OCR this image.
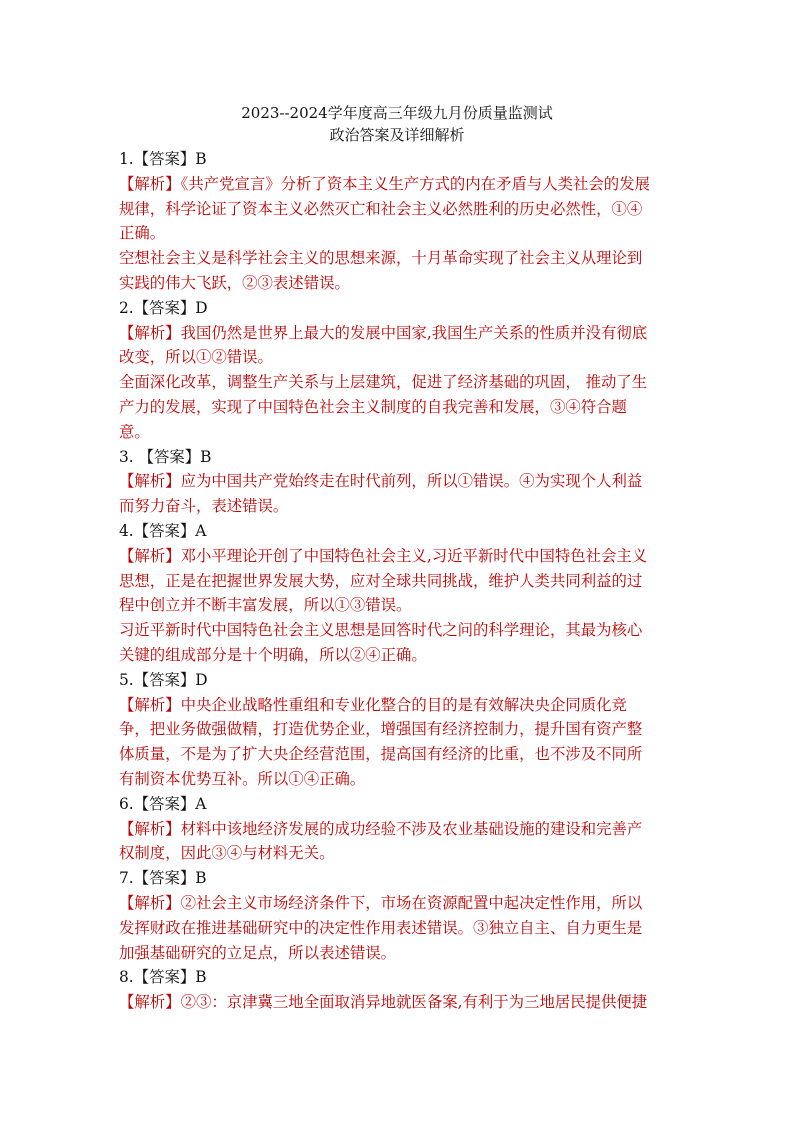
2023--2024学年度高三年级九月份质量监测试
政治答案及详细解析

1.【答案】B

【解析】《共产党宣言》分析了资本主义生产方式的内在矛盾与人类社会的发展
规律，科学论证了资本主义必然灭亡和社会主义必然胜利的历史必然性，①④
正确。
空想社会主义是科学社会主义的思想来源，十月革命实现了社会主义从理论到
实践的伟大飞跃，②③表述错误。

2.【答案】D

【解析】我国仍然是世界上最大的发展中国家,我国生产关系的性质并没有彻底
改变，所以①②错误。
全面深化改革，调整生产关系与上层建筑，促进了经济基础的巩固， 推动了生
产力的发展，实现了中国特色社会主义制度的自我完善和发展，③④符合题
意。

3. 【答案】B

【解析】应为中国共产党始终走在时代前列，所以①错误。④为实现个人利益
而努力奋斗，表述错误。

4.【答案】A

【解析】邓小平理论开创了中国特色社会主义,习近平新时代中国特色社会主义
思想，正是在把握世界发展大势，应对全球共同挑战，维护人类共同利益的过
程中创立并不断丰富发展，所以①③错误。
习近平新时代中国特色社会主义思想是回答时代之问的科学理论，其最为核心
关键的组成部分是十个明确，所以②④正确。

5.【答案】D

【解析】中央企业战略性重组和专业化整合的目的是有效解决央企同质化竞
争，把业务做强做精，打造优势企业，增强国有经济控制力，提升国有资产整
体质量，不是为了扩大央企经营范围，提高国有经济的比重，也不涉及不同所
有制资本优势互补。所以①④正确。

6.【答案】A

【解析】材料中该地经济发展的成功经验不涉及农业基础设施的建设和完善产
权制度，因此③④与材料无关。

7.【答案】B

【解析】②社会主义市场经济条件下，市场在资源配置中起决定性作用，所以
发挥财政在推进基础研究中的决定性作用表述错误。③独立自主、自力更生是
加强基础研究的立足点，所以表述错误。

8.【答案】B

【解析】②③：京津冀三地全面取消异地就医备案,有利于为三地居民提供便捷
